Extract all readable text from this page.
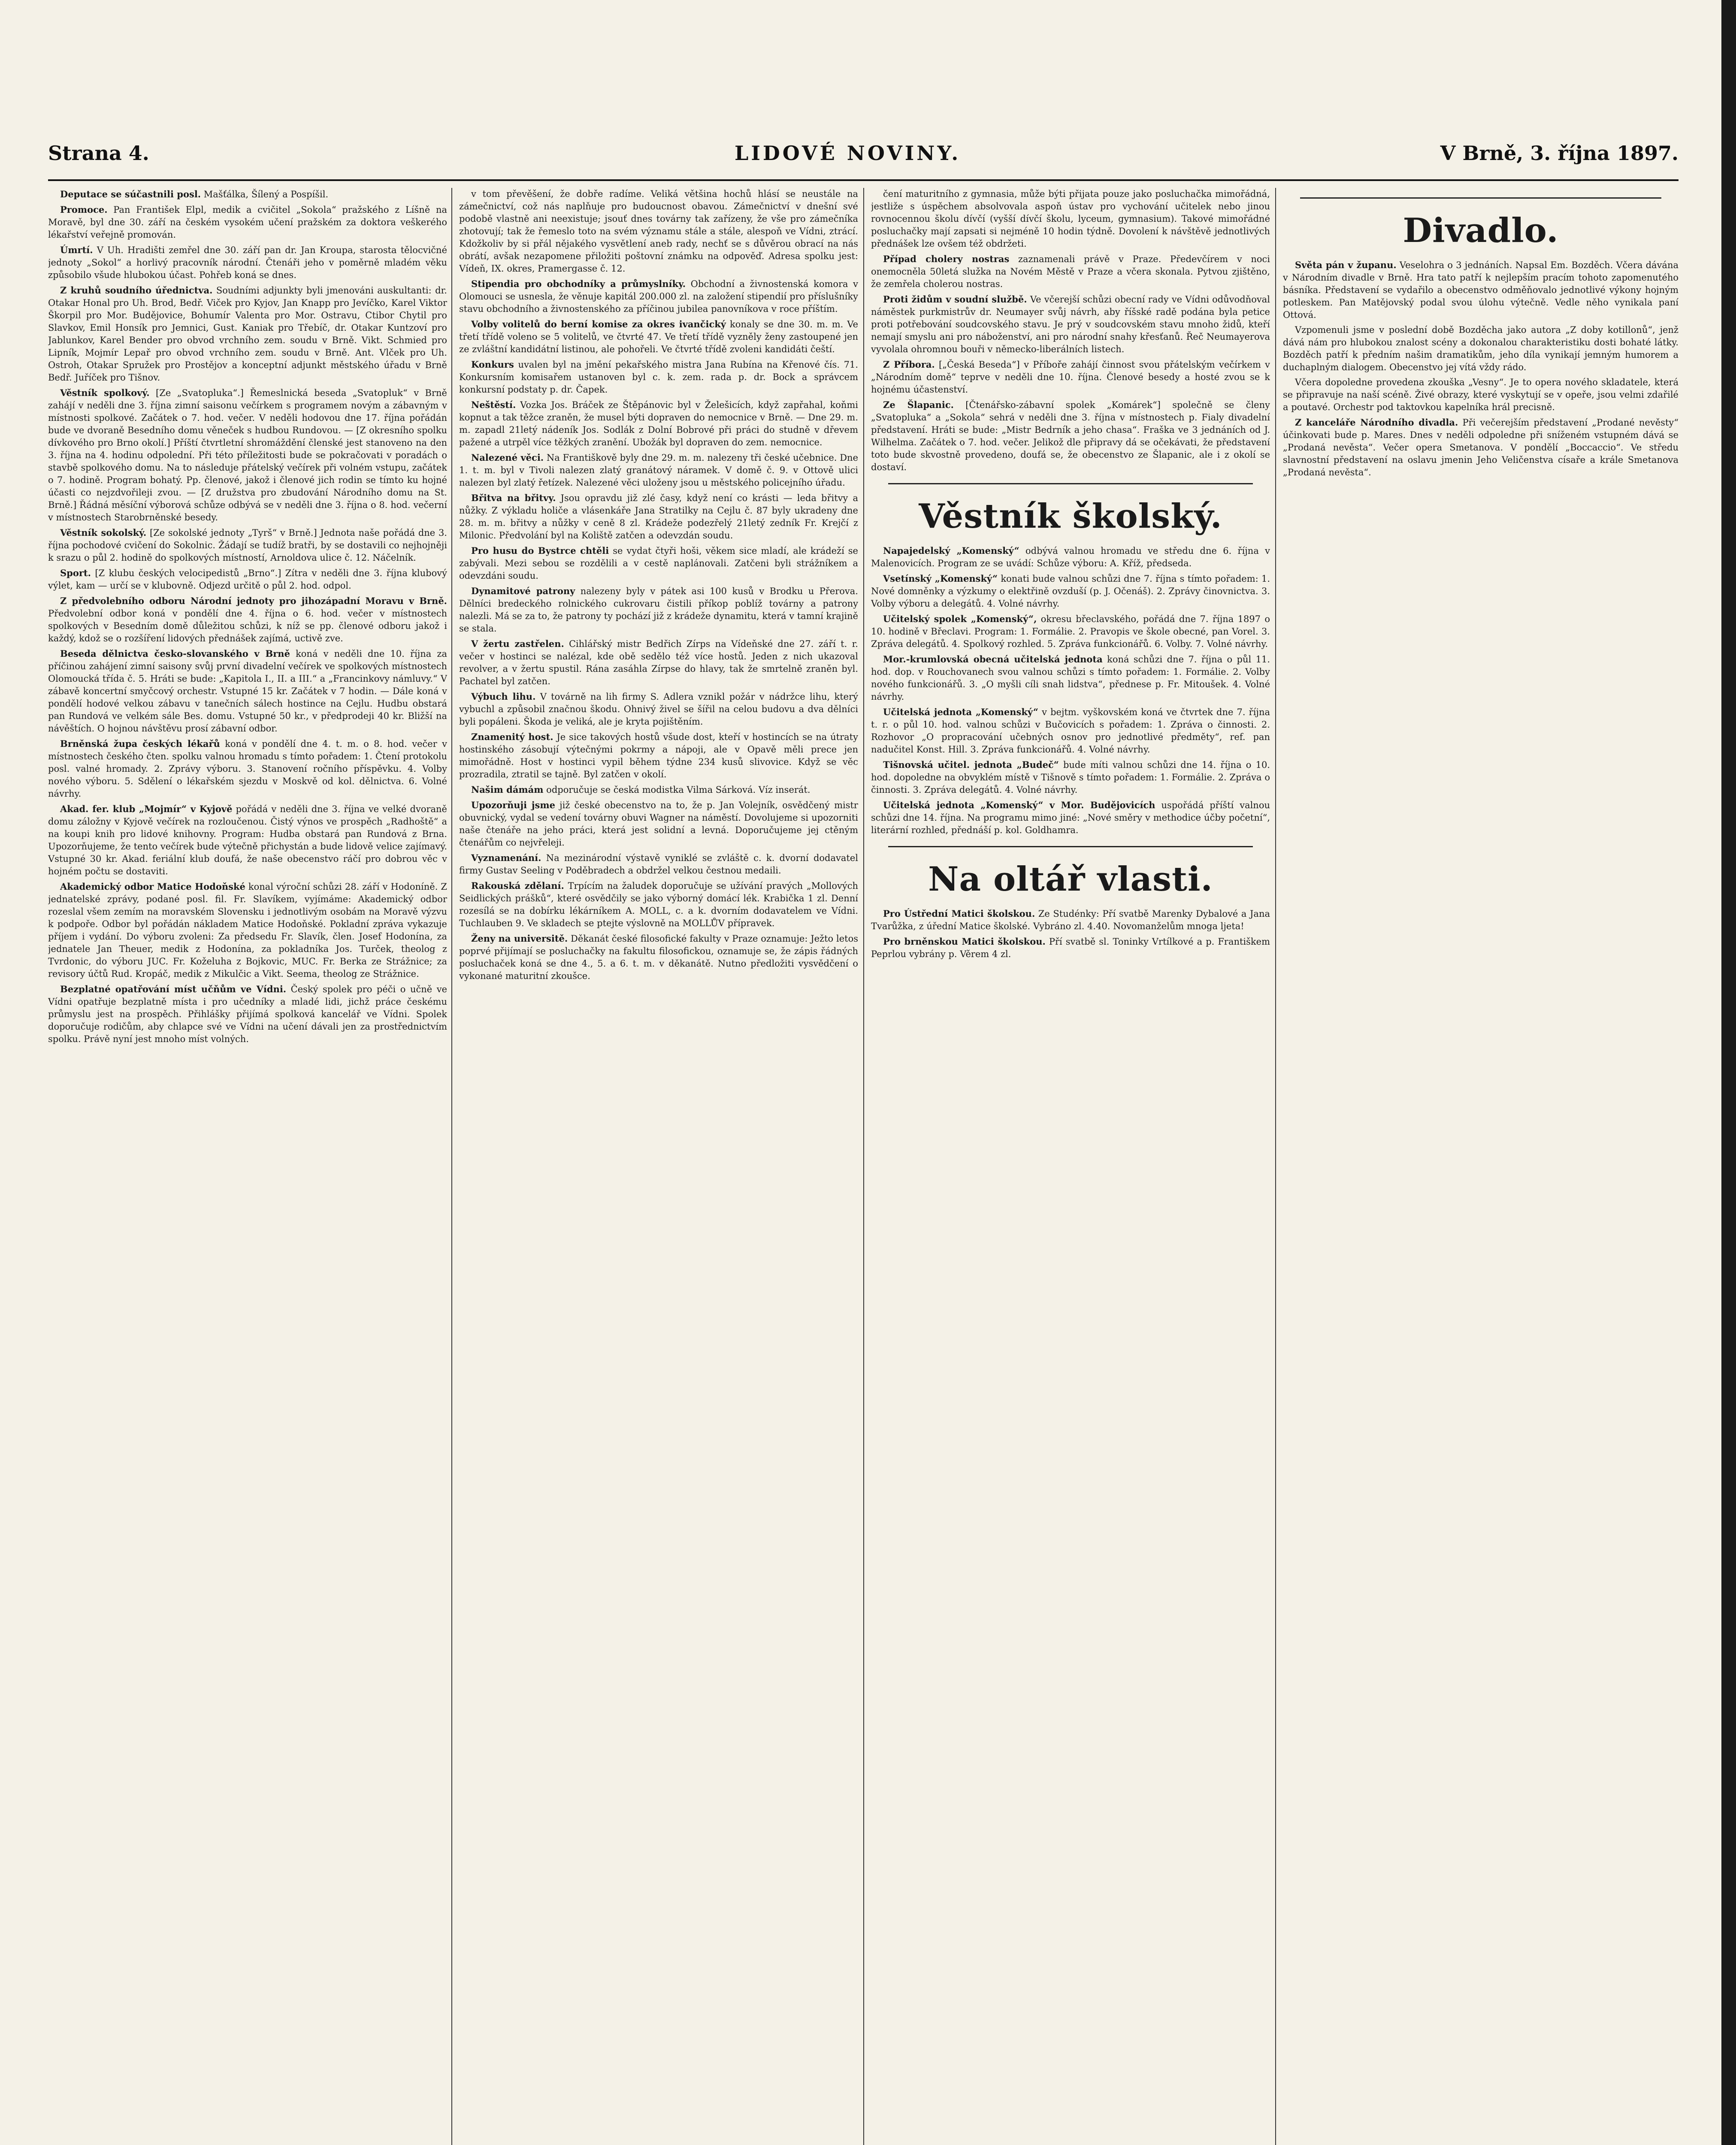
Strana 4.	LIDOVÉ NOVINY.	V Brně, 3. října 1897.

Deputace se súčastnili posl. Mašťálka, Šílený a Pospíšil.

Promoce. Pan František Elpl, medik a cvičitel „Sokola“ pražského z Líšně na Moravě, byl dne 30. září na českém vysokém učení pražském za doktora veškerého lékařství veřejně promován.

Úmrtí. V Uh. Hradišti zemřel dne 30. září pan dr. Jan Kroupa, starosta tělocvičné jednoty „Sokol“ a horlivý pracovník národní. Čtenáři jeho v poměrně mladém věku způsobilo všude hlubokou účast. Pohřeb koná se dnes.

Z kruhů soudního úřednictva. Soudními adjunkty byli jmenováni auskultanti: dr. Otakar Honal pro Uh. Brod, Bedř. Viček pro Kyjov, Jan Knapp pro Jevíčko, Karel Viktor Škorpil pro Mor. Budějovice, Bohumír Valenta pro Mor. Ostravu, Ctibor Chytil pro Slavkov, Emil Honsík pro Jemnici, Gust. Kaniak pro Třebíč, dr. Otakar Kuntzoví pro Jablunkov, Karel Bender pro obvod vrchního zem. soudu v Brně. Vikt. Schmied pro Lipník, Mojmír Lepař pro obvod vrchního zem. soudu v Brně. Ant. Vlček pro Uh. Ostroh, Otakar Spružek pro Prostějov a konceptní adjunkt městského úřadu v Brně Bedř. Juříček pro Tišnov.

Věstník spolkový. [Ze „Svatopluka“.] Řemeslnická beseda „Svatopluk“ v Brně zahájí v neděli dne 3. října zimní saisonu večírkem s programem novým a zábavným v místnosti spolkové. Začátek o 7. hod. večer. V neděli hodovou dne 17. října pořádán bude ve dvoraně Besedního domu věneček s hudbou Rundovou. — [Z okresního spolku dívkového pro Brno okolí.] Příští čtvrtletní shromáždění členské jest stanoveno na den 3. října na 4. hodinu odpolední. Při této příležitosti bude se pokračovati v poradách o stavbě spolkového domu. Na to následuje přátelský večírek při volném vstupu, začátek o 7. hodině. Program bohatý. Pp. členové, jakož i členové jich rodin se tímto ku hojné účasti co nejzdvořileji zvou. — [Z družstva pro zbudování Národního domu na St. Brně.] Řádná měsíční výborová schůze odbývá se v neděli dne 3. října o 8. hod. večerní v místnostech Starobrněnské besedy.

Věstník sokolský. [Ze sokolské jednoty „Tyrš“ v Brně.] Jednota naše pořádá dne 3. října pochodové cvičení do Sokolnic. Žádají se tudíž bratři, by se dostavili co nejhojněji k srazu o půl 2. hodině do spolkových místností, Arnoldova ulice č. 12. Náčelník.

Sport. [Z klubu českých velocipedistů „Brno“.] Zítra v neděli dne 3. října klubový výlet, kam — určí se v klubovně. Odjezd určitě o půl 2. hod. odpol.

Z předvolebního odboru Národní jednoty pro jihozápadní Moravu v Brně. Předvolební odbor koná v pondělí dne 4. října o 6. hod. večer v místnostech spolkových v Besedním domě důležitou schůzi, k níž se pp. členové odboru jakož i každý, kdož se o rozšíření lidových přednášek zajímá, uctivě zve.

Beseda dělnictva česko-slovanského v Brně koná v neděli dne 10. října za příčinou zahájení zimní saisony svůj první divadelní večírek ve spolkových místnostech Olomoucká třída č. 5. Hráti se bude: „Kapitola I., II. a III.“ a „Francinkovy námluvy.“ V zábavě koncertní smyčcový orchestr. Vstupné 15 kr. Začátek v 7 hodin. — Dále koná v pondělí hodové velkou zábavu v tanečních sálech hostince na Cejlu. Hudbu obstará pan Rundová ve velkém sále Bes. domu. Vstupné 50 kr., v předprodeji 40 kr. Bližší na návěštích. O hojnou návštěvu prosí zábavní odbor.

Brněnská župa českých lékařů koná v pondělí dne 4. t. m. o 8. hod. večer v místnostech českého čten. spolku valnou hromadu s tímto pořadem: 1. Čtení protokolu posl. valné hromady. 2. Zprávy výboru. 3. Stanovení ročního příspěvku. 4. Volby nového výboru. 5. Sdělení o lékařském sjezdu v Moskvě od kol. dělnictva. 6. Volné návrhy.

Akad. fer. klub „Mojmír“ v Kyjově pořádá v neděli dne 3. října ve velké dvoraně domu záložny v Kyjově večírek na rozloučenou. Čistý výnos ve prospěch „Radhoště“ a na koupi knih pro lidové knihovny. Program: Hudba obstará pan Rundová z Brna. Upozorňujeme, že tento večírek bude výtečně přichystán a bude lidově velice zajímavý. Vstupné 30 kr. Akad. feriální klub doufá, že naše obecenstvo ráčí pro dobrou věc v hojném počtu se dostaviti.

Akademický odbor Matice Hodoňské konal výroční schůzi 28. září v Hodoníně. Z jednatelské zprávy, podané posl. fil. Fr. Slavíkem, vyjímáme: Akademický odbor rozeslal všem zemím na moravském Slovensku i jednotlivým osobám na Moravě výzvu k podpoře. Odbor byl pořádán nákladem Matice Hodoňské. Pokladní zpráva vykazuje příjem i vydání. Do výboru zvoleni: Za předsedu Fr. Slavík, člen. Josef Hodonína, za jednatele Jan Theuer, medik z Hodonína, za pokladníka Jos. Turček, theolog z Tvrdonic, do výboru JUC. Fr. Koželuha z Bojkovic, MUC. Fr. Berka ze Strážnice; za revisory účtů Rud. Kropáč, medik z Mikulčic a Vikt. Seema, theolog ze Strážnice.

Bezplatné opatřování míst učňům ve Vídni. Český spolek pro péči o učně ve Vídni opatřuje bezplatně místa i pro učedníky a mladé lidi, jichž práce českému průmyslu jest na prospěch. Přihlášky přijímá spolková kancelář ve Vídni. Spolek doporučuje rodičům, aby chlapce své ve Vídni na učení dávali jen za prostřednictvím spolku. Právě nyní jest mnoho míst volných.

v tom převěšení, že dobře radíme. Veliká většina hochů hlásí se neustále na zámečnictví, což nás naplňuje pro budoucnost obavou. Zámečnictví v dnešní své podobě vlastně ani neexistuje; jsouť dnes továrny tak zařízeny, že vše pro zámečníka zhotovují; tak že řemeslo toto na svém významu stále a stále, alespoň ve Vídni, ztrácí. Kdožkoliv by si přál nějakého vysvětlení aneb rady, nechť se s důvěrou obrací na nás obrátí, avšak nezapomene přiložiti poštovní známku na odpověď. Adresa spolku jest: Vídeň, IX. okres, Pramergasse č. 12.

Stipendia pro obchodníky a průmyslníky. Obchodní a živnostenská komora v Olomouci se usnesla, že věnuje kapitál 200.000 zl. na založení stipendií pro příslušníky stavu obchodního a živnostenského za příčinou jubilea panovníkova v roce příštím.

Volby volitelů do berní komise za okres ivančický konaly se dne 30. m. m. Ve třetí třídě voleno se 5 volitelů, ve čtvrté 47. Ve třetí třídě vyzněly ženy zastoupené jen ze zvláštní kandidátní listinou, ale pohořeli. Ve čtvrté třídě zvoleni kandidáti čeští.

Konkurs uvalen byl na jmění pekařského mistra Jana Rubína na Křenové čís. 71. Konkursním komisařem ustanoven byl c. k. zem. rada p. dr. Bock a správcem konkursní podstaty p. dr. Čapek.

Neštěstí. Vozka Jos. Bráček ze Štěpánovic byl v Želešicích, když zapřahal, koňmi kopnut a tak těžce zraněn, že musel býti dopraven do nemocnice v Brně. — Dne 29. m. m. zapadl 21letý nádeník Jos. Sodlák z Dolní Bobrové při práci do studně v dřevem pažené a utrpěl více těžkých zranění. Ubožák byl dopraven do zem. nemocnice.

Nalezené věci. Na Františkově byly dne 29. m. m. nalezeny tři české učebnice. Dne 1. t. m. byl v Tivoli nalezen zlatý granátový náramek. V domě č. 9. v Ottově ulici nalezen byl zlatý řetízek. Nalezené věci uloženy jsou u městského policejního úřadu.

Břitva na břitvy. Jsou opravdu již zlé časy, když není co krásti — leda břitvy a nůžky. Z výkladu holiče a vlásenkáře Jana Stratilky na Cejlu č. 87 byly ukradeny dne 28. m. m. břitvy a nůžky v ceně 8 zl. Krádeže podezřelý 21letý zedník Fr. Krejčí z Milonic. Předvolání byl na Koliště zatčen a odevzdán soudu.

Pro husu do Bystrce chtěli se vydat čtyři hoši, věkem sice mladí, ale krádeží se zabývali. Mezi sebou se rozdělili a v cestě naplánovali. Zatčeni byli strážníkem a odevzdáni soudu.

Dynamitové patrony nalezeny byly v pátek asi 100 kusů v Brodku u Přerova. Dělníci bredeckého rolnického cukrovaru čistili příkop poblíž továrny a patrony nalezli. Má se za to, že patrony ty pochází již z krádeže dynamitu, která v tamní krajině se stala.

V žertu zastřelen. Cihlářský mistr Bedřich Zírps na Vídeňské dne 27. září t. r. večer v hostinci se nalézal, kde obě sedělo též více hostů. Jeden z nich ukazoval revolver, a v žertu spustil. Rána zasáhla Zírpse do hlavy, tak že smrtelně zraněn byl. Pachatel byl zatčen.

Výbuch lihu. V továrně na lih firmy S. Adlera vznikl požár v nádržce lihu, který vybuchl a způsobil značnou škodu. Ohnivý živel se šířil na celou budovu a dva dělníci byli popáleni. Škoda je veliká, ale je kryta pojištěním.

Znamenitý host. Je sice takových hostů všude dost, kteří v hostincích se na útraty hostinského zásobují výtečnými pokrmy a nápoji, ale v Opavě měli prece jen mimořádně. Host v hostinci vypil během týdne 234 kusů slivovice. Když se věc prozradila, ztratil se tajně. Byl zatčen v okolí.

Našim dámám odporučuje se česká modistka Vilma Sárková. Víz inserát.

Upozorňuji jsme již české obecenstvo na to, že p. Jan Volejník, osvědčený mistr obuvnický, vydal se vedení továrny obuvi Wagner na náměstí. Dovolujeme si upozorniti naše čtenáře na jeho práci, která jest solidní a levná. Doporučujeme jej ctěným čtenářům co nejvřeleji.

Vyznamenání. Na mezinárodní výstavě vyniklé se zvláště c. k. dvorní dodavatel firmy Gustav Seeling v Poděbradech a obdržel velkou čestnou medaili.

Rakouská zdělaní. Trpícím na žaludek doporučuje se užívání pravých „Mollových Seidlických prášků“, které osvědčily se jako výborný domácí lék. Krabička 1 zl. Denní rozesílá se na dobírku lékárníkem A. MOLL, c. a k. dvorním dodavatelem ve Vídni. Tuchlauben 9. Ve skladech se ptejte výslovně na MOLLŮV přípravek.

Ženy na universitě. Děkanát české filosofické fakulty v Praze oznamuje: Ježto letos poprvé přijímají se posluchačky na fakultu filosofickou, oznamuje se, že zápis řádných posluchaček koná se dne 4., 5. a 6. t. m. v děkanátě. Nutno předložiti vysvědčení o vykonané maturitní zkoušce.

čení maturitního z gymnasia, může býti přijata pouze jako posluchačka mimořádná, jestliže s úspěchem absolvovala aspoň ústav pro vychování učitelek nebo jinou rovnocennou školu dívčí (vyšší dívčí školu, lyceum, gymnasium). Takové mimořádné posluchačky mají zapsati si nejméně 10 hodin týdně. Dovolení k návštěvě jednotlivých přednášek lze ovšem též obdržeti.

Případ cholery nostras zaznamenali právě v Praze. Předevčírem v noci onemocněla 50letá služka na Novém Městě v Praze a včera skonala. Pytvou zjištěno, že zemřela cholerou nostras.

Proti židům v soudní službě. Ve včerejší schůzi obecní rady ve Vídni odůvodňoval náměstek purkmistrův dr. Neumayer svůj návrh, aby říšské radě podána byla petice proti potřebování soudcovského stavu. Je prý v soudcovském stavu mnoho židů, kteří nemají smyslu ani pro náboženství, ani pro národní snahy křesťanů. Řeč Neumayerova vyvolala ohromnou bouři v německo-liberálních listech.

Z Příbora. [„Česká Beseda“] v Příboře zahájí činnost svou přátelským večírkem v „Národním domě“ teprve v neděli dne 10. října. Členové besedy a hosté zvou se k hojnému účastenství.

Ze Šlapanic. [Čtenářsko-zábavní spolek „Komárek“] společně se členy „Svatopluka“ a „Sokola“ sehrá v neděli dne 3. října v místnostech p. Fialy divadelní představení. Hráti se bude: „Mistr Bedrník a jeho chasa“. Fraška ve 3 jednáních od J. Wilhelma. Začátek o 7. hod. večer. Jelikož dle připravy dá se očekávati, že představení toto bude skvostně provedeno, doufá se, že obecenstvo ze Šlapanic, ale i z okolí se dostaví.

Věstník školský.

Napajedelský „Komenský“ odbývá valnou hromadu ve středu dne 6. října v Malenovicích. Program ze se uvádí: Schůze výboru: A. Kříž, předseda.

Vsetínský „Komenský“ konati bude valnou schůzi dne 7. října s tímto pořadem: 1. Nové domněnky a výzkumy o elektřině ovzduší (p. J. Očenáš). 2. Zprávy činovnictva. 3. Volby výboru a delegátů. 4. Volné návrhy.

Učitelský spolek „Komenský“, okresu břeclavského, pořádá dne 7. října 1897 o 10. hodině v Břeclavi. Program: 1. Formálie. 2. Pravopis ve škole obecné, pan Vorel. 3. Zpráva delegátů. 4. Spolkový rozhled. 5. Zpráva funkcionářů. 6. Volby. 7. Volné návrhy.

Mor.-krumlovská obecná učitelská jednota koná schůzi dne 7. října o půl 11. hod. dop. v Rouchovanech svou valnou schůzi s tímto pořadem: 1. Formálie. 2. Volby nového funkcionářů. 3. „O myšli cíli snah lidstva“, přednese p. Fr. Mitoušek. 4. Volné návrhy.

Učitelská jednota „Komenský“ v bejtm. vyškovském koná ve čtvrtek dne 7. října t. r. o půl 10. hod. valnou schůzi v Bučovicích s pořadem: 1. Zpráva o činnosti. 2. Rozhovor „O propracování učebných osnov pro jednotlivé předměty“, ref. pan nadučitel Konst. Hill. 3. Zpráva funkcionářů. 4. Volné návrhy.

Tišnovská učitel. jednota „Budeč“ bude míti valnou schůzi dne 14. října o 10. hod. dopoledne na obvyklém místě v Tišnově s tímto pořadem: 1. Formálie. 2. Zpráva o činnosti. 3. Zpráva delegátů. 4. Volné návrhy.

Učitelská jednota „Komenský“ v Mor. Budějovicích uspořádá příští valnou schůzi dne 14. října. Na programu mimo jiné: „Nové směry v methodice účby početní“, literární rozhled, přednáší p. kol. Goldhamra.

Na oltář vlasti.

Pro Ústřední Matici školskou. Ze Studénky: Pří svatbě Marenky Dybalové a Jana Tvarůžka, z úřední Matice školské. Vybráno zl. 4.40. Novomanželům mnoga ljeta!

Pro brněnskou Matici školskou. Pří svatbě sl. Toninky Vrtílkové a p. Františkem Peprlou vybrány p. Věrem 4 zl.

Divadlo.

Světa pán v županu. Veselohra o 3 jednáních. Napsal Em. Bozděch. Včera dávána v Národním divadle v Brně. Hra tato patří k nejlepším pracím tohoto zapomenutého básníka. Představení se vydařilo a obecenstvo odměňovalo jednotlivé výkony hojným potleskem. Pan Matějovský podal svou úlohu výtečně. Vedle něho vynikala paní Ottová.

Vzpomenuli jsme v poslední době Bozděcha jako autora „Z doby kotillonů“, jenž dává nám pro hlubokou znalost scény a dokonalou charakteristiku dosti bohaté látky. Bozděch patří k předním našim dramatikům, jeho díla vynikají jemným humorem a duchaplným dialogem. Obecenstvo jej vítá vždy rádo.

Včera dopoledne provedena zkouška „Vesny“. Je to opera nového skladatele, která se připravuje na naší scéně. Živé obrazy, které vyskytují se v opeře, jsou velmi zdařilé a poutavé. Orchestr pod taktovkou kapelníka hrál precisně.

Z kanceláře Národního divadla. Při večerejším představení „Prodané nevěsty“ účinkovati bude p. Mares. Dnes v neděli odpoledne při sníženém vstupném dává se „Prodaná nevěsta“. Večer opera Smetanova. V pondělí „Boccaccio“. Ve středu slavnostní představení na oslavu jmenin Jeho Veličenstva císaře a krále Smetanova „Prodaná nevěsta“.
